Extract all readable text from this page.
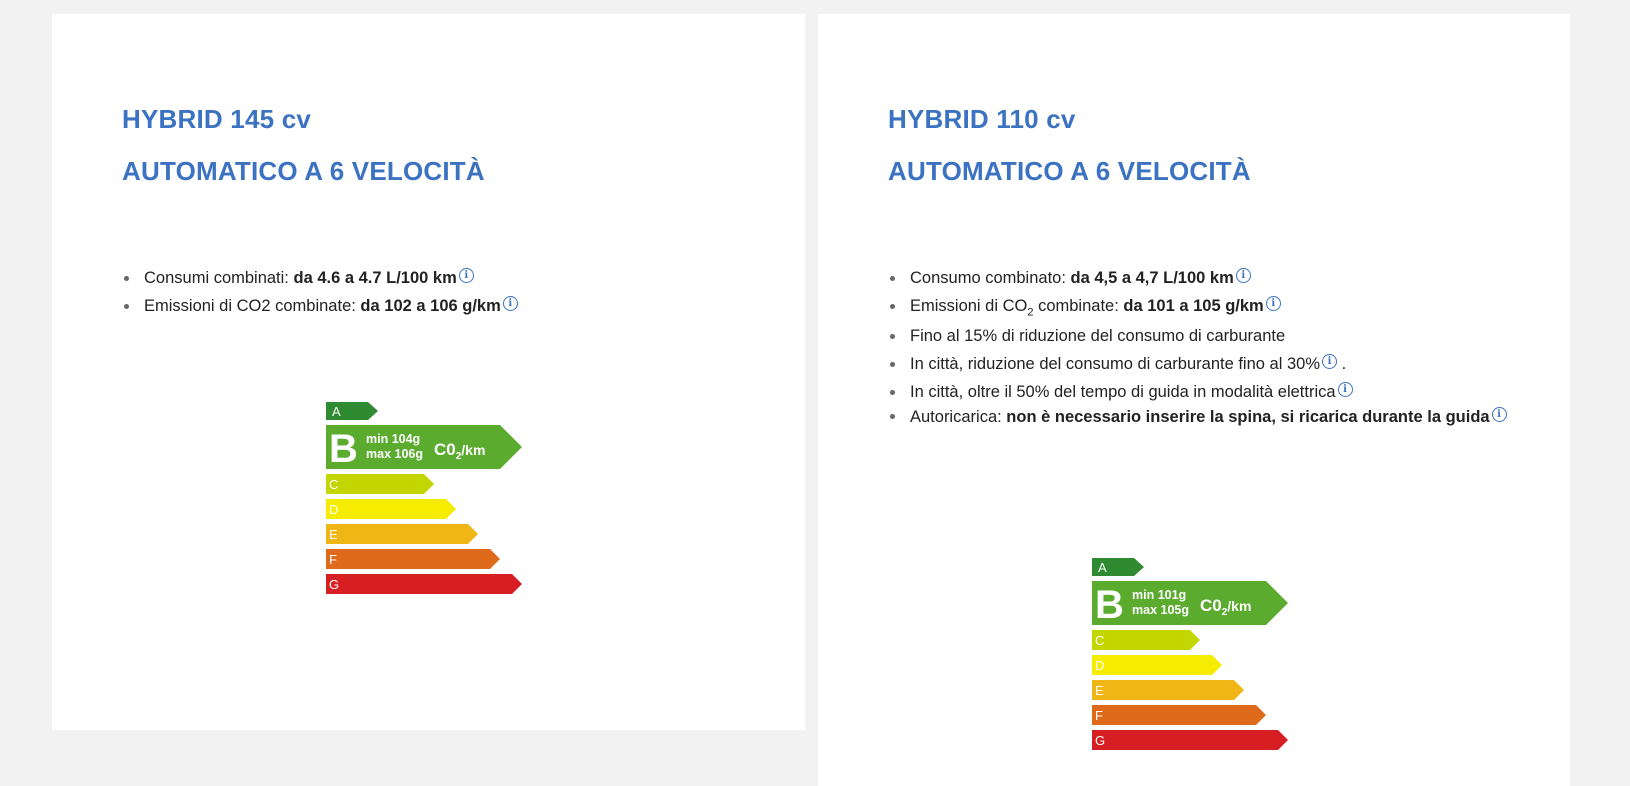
HYBRID 145 cv
AUTOMATICO A 6 VELOCITÀ
Consumi combinati: da 4.6 a 4.7 L/100 km i
Emissioni di CO2 combinate: da 102 a 106 g/km i
A
B min 104g
max 106g $C0_2^{/km}$
C
D
E
F
G
HYBRID 110 cv
AUTOMATICO A 6 VELOCITÀ
Consumo combinato: da 4,5 a 4,7 L/100 km i
Emissioni di $CO_2$ combinate: da 101 a 105 g/km i
Fino al 15% di riduzione del consumo di carburante
In città, riduzione del consumo di carburante fino al 30% i .
In città, oltre il 50% del tempo di guida in modalità elettrica i
Autoricarica: non è necessario inserire la spina, si ricarica durante la guida i
A
B min 101g
max 105g $C0_2^{/km}$
C
D
E
F
G
